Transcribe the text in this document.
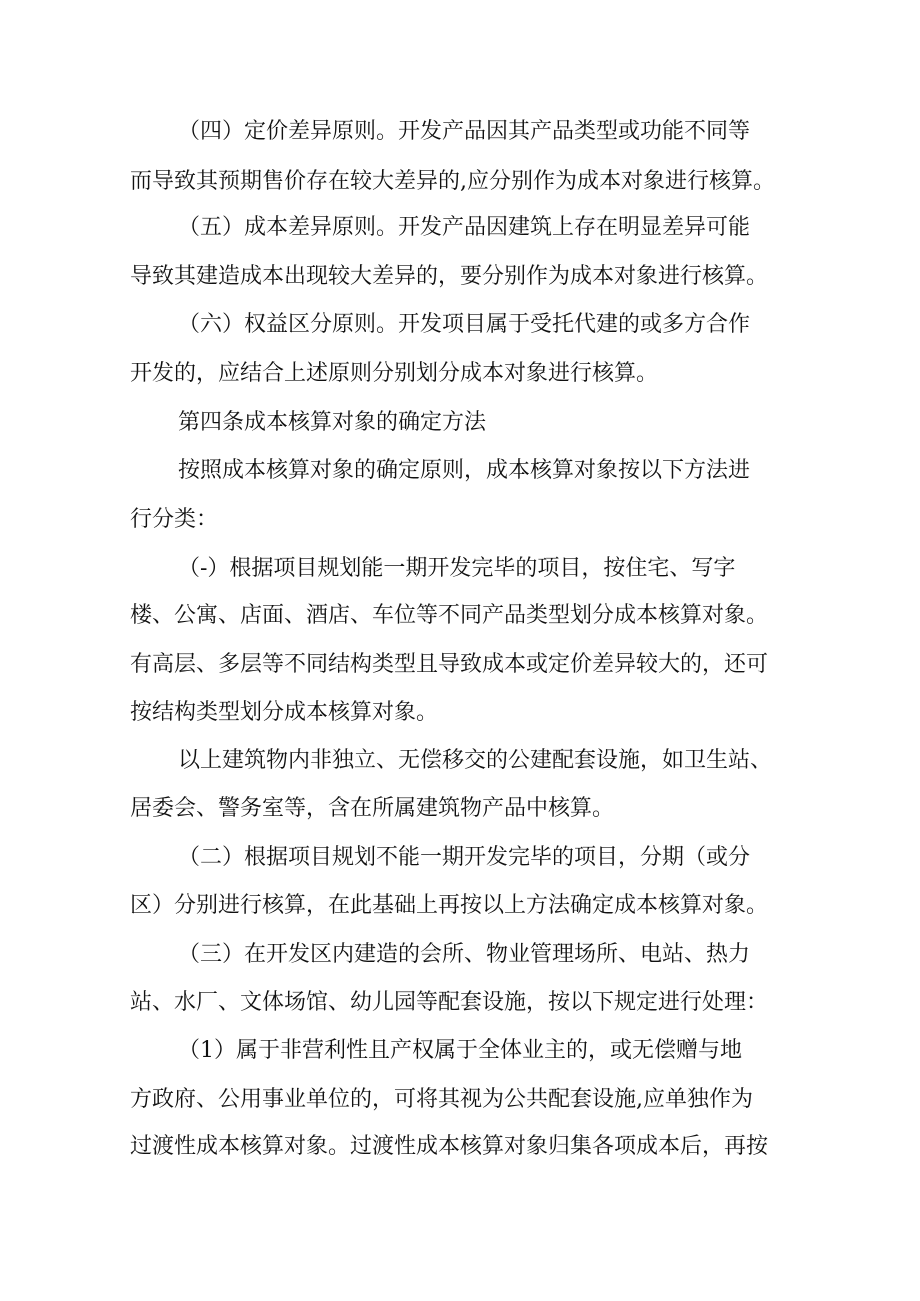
（四）定价差异原则。开发产品因其产品类型或功能不同等
而导致其预期售价存在较大差异的,应分别作为成本对象进行核算。
（五）成本差异原则。开发产品因建筑上存在明显差异可能
导致其建造成本出现较大差异的，要分别作为成本对象进行核算。
（六）权益区分原则。开发项目属于受托代建的或多方合作
开发的，应结合上述原则分别划分成本对象进行核算。
第四条成本核算对象的确定方法
按照成本核算对象的确定原则，成本核算对象按以下方法进
行分类：
（-）根据项目规划能一期开发完毕的项目，按住宅、写字
楼、公寓、店面、酒店、车位等不同产品类型划分成本核算对象。
有高层、多层等不同结构类型且导致成本或定价差异较大的，还可
按结构类型划分成本核算对象。
以上建筑物内非独立、无偿移交的公建配套设施，如卫生站、
居委会、警务室等，含在所属建筑物产品中核算。
（二）根据项目规划不能一期开发完毕的项目，分期（或分
区）分别进行核算，在此基础上再按以上方法确定成本核算对象。
（三）在开发区内建造的会所、物业管理场所、电站、热力
站、水厂、文体场馆、幼儿园等配套设施，按以下规定进行处理：
（1）属于非营利性且产权属于全体业主的，或无偿赠与地
方政府、公用事业单位的，可将其视为公共配套设施,应单独作为
过渡性成本核算对象。过渡性成本核算对象归集各项成本后，再按
